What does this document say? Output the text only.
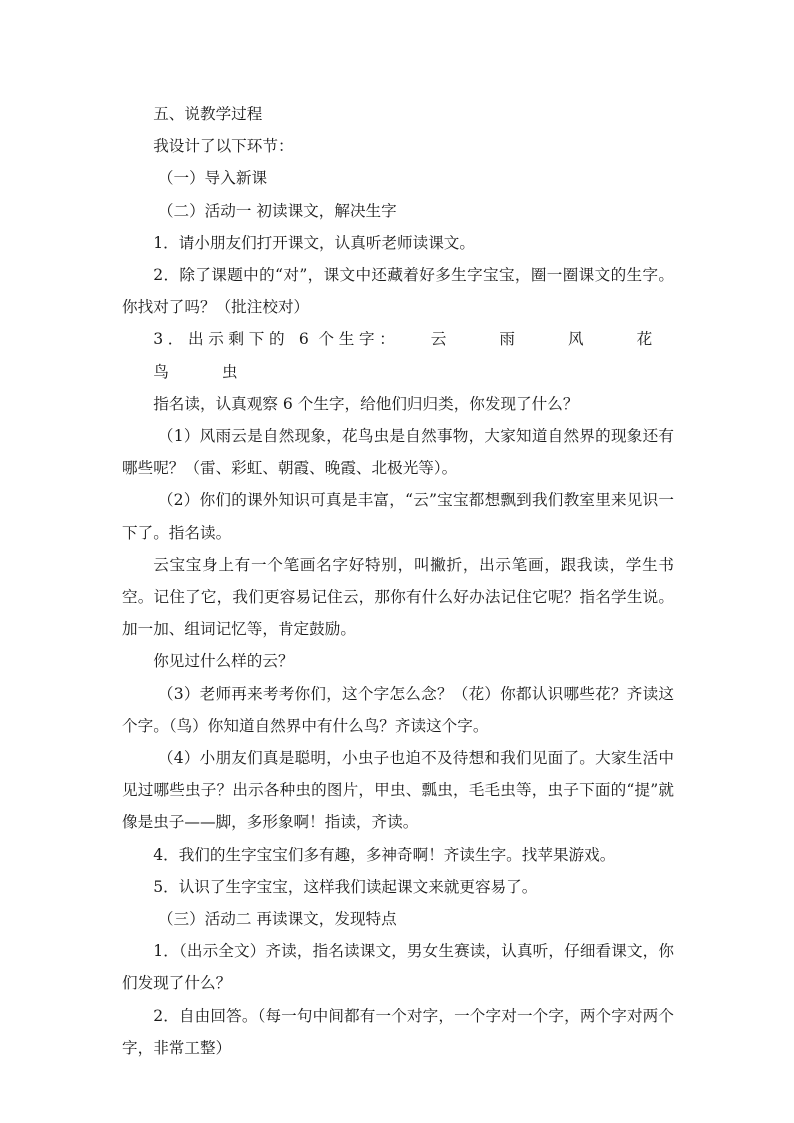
五、说教学过程

我设计了以下环节：

（一）导入新课

（二）活动一 初读课文，解决生字

1．请小朋友们打开课文，认真听老师读课文。

2．除了课题中的“对”，课文中还藏着好多生字宝宝，圈一圈课文的生字。你找对了吗？（批注校对）

3．出示剩下的 6 个生字： 云	雨	风	花鸟	虫

指名读，认真观察 6 个生字，给他们归归类，你发现了什么？

（1）风雨云是自然现象，花鸟虫是自然事物，大家知道自然界的现象还有哪些呢？（雷、彩虹、朝霞、晚霞、北极光等）。

（2）你们的课外知识可真是丰富，“云”宝宝都想飘到我们教室里来见识一下了。指名读。

云宝宝身上有一个笔画名字好特别，叫撇折，出示笔画，跟我读，学生书空。记住了它，我们更容易记住云，那你有什么好办法记住它呢？指名学生说。加一加、组词记忆等，肯定鼓励。

你见过什么样的云？

（3）老师再来考考你们，这个字怎么念？（花）你都认识哪些花？齐读这个字。（鸟）你知道自然界中有什么鸟？齐读这个字。

（4）小朋友们真是聪明，小虫子也迫不及待想和我们见面了。大家生活中见过哪些虫子？出示各种虫的图片，甲虫、瓢虫，毛毛虫等，虫子下面的“提”就像是虫子——脚，多形象啊！指读，齐读。

4．我们的生字宝宝们多有趣，多神奇啊！齐读生字。找苹果游戏。

5．认识了生字宝宝，这样我们读起课文来就更容易了。

（三）活动二 再读课文，发现特点

1．（出示全文）齐读，指名读课文，男女生赛读，认真听，仔细看课文，你们发现了什么？

2．自由回答。（每一句中间都有一个对字，一个字对一个字，两个字对两个字，非常工整）
